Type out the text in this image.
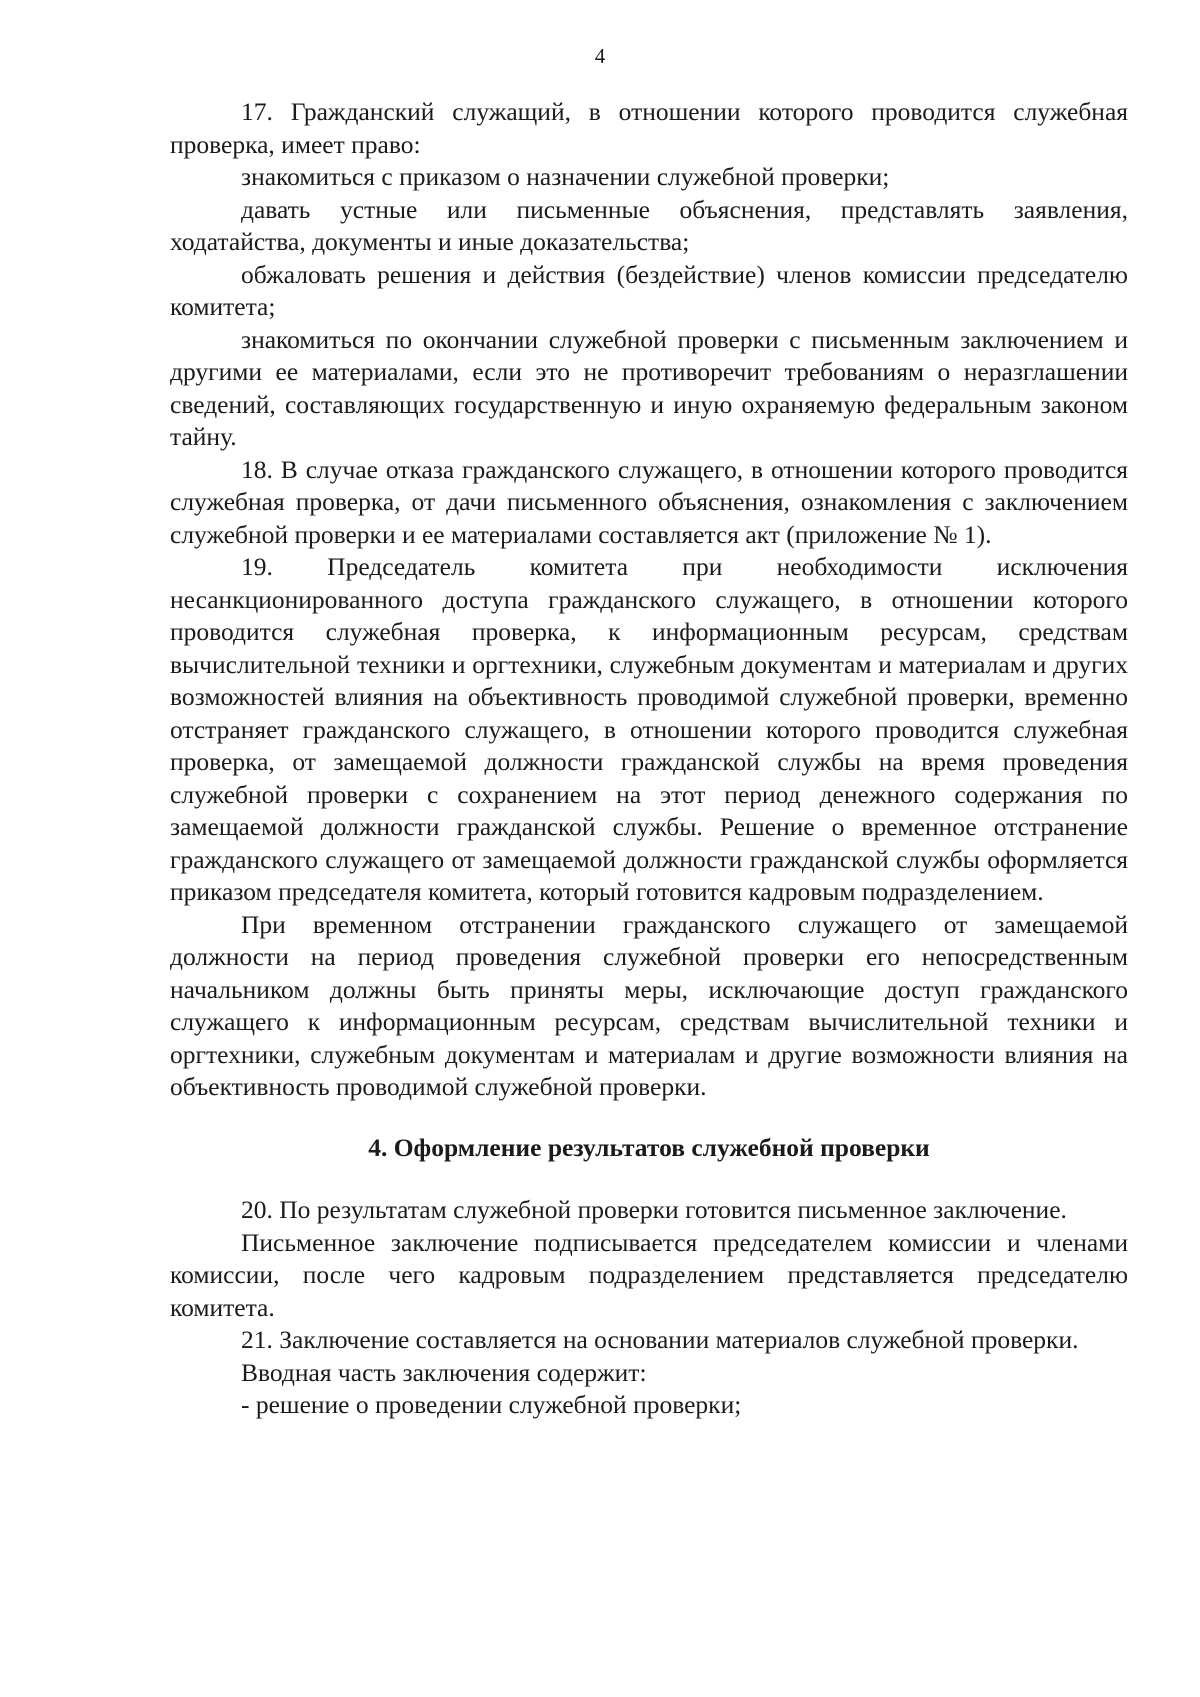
4

17. Гражданский служащий, в отношении которого проводится служебная проверка, имеет право:

знакомиться с приказом о назначении служебной проверки;

давать устные или письменные объяснения, представлять заявления, ходатайства, документы и иные доказательства;

обжаловать решения и действия (бездействие) членов комиссии председателю комитета;

знакомиться по окончании служебной проверки с письменным заключением и другими ее материалами, если это не противоречит требованиям о неразглашении сведений, составляющих государственную и иную охраняемую федеральным законом тайну.

18. В случае отказа гражданского служащего, в отношении которого проводится служебная проверка, от дачи письменного объяснения, ознакомления с заключением служебной проверки и ее материалами составляется акт (приложение № 1).

19. Председатель комитета при необходимости исключения несанкционированного доступа гражданского служащего, в отношении которого проводится служебная проверка, к информационным ресурсам, средствам вычислительной техники и оргтехники, служебным документам и материалам и других возможностей влияния на объективность проводимой служебной проверки, временно отстраняет гражданского служащего, в отношении которого проводится служебная проверка, от замещаемой должности гражданской службы на время проведения служебной проверки с сохранением на этот период денежного содержания по замещаемой должности гражданской службы. Решение о временное отстранение гражданского служащего от замещаемой должности гражданской службы оформляется приказом председателя комитета, который готовится кадровым подразделением.

При временном отстранении гражданского служащего от замещаемой должности на период проведения служебной проверки его непосредственным начальником должны быть приняты меры, исключающие доступ гражданского служащего к информационным ресурсам, средствам вычислительной техники и оргтехники, служебным документам и материалам и другие возможности влияния на объективность проводимой служебной проверки.

4. Оформление результатов служебной проверки

20. По результатам служебной проверки готовится письменное заключение.

Письменное заключение подписывается председателем комиссии и членами комиссии, после чего кадровым подразделением представляется председателю комитета.

21. Заключение составляется на основании материалов служебной проверки.

Вводная часть заключения содержит:

- решение о проведении служебной проверки;
